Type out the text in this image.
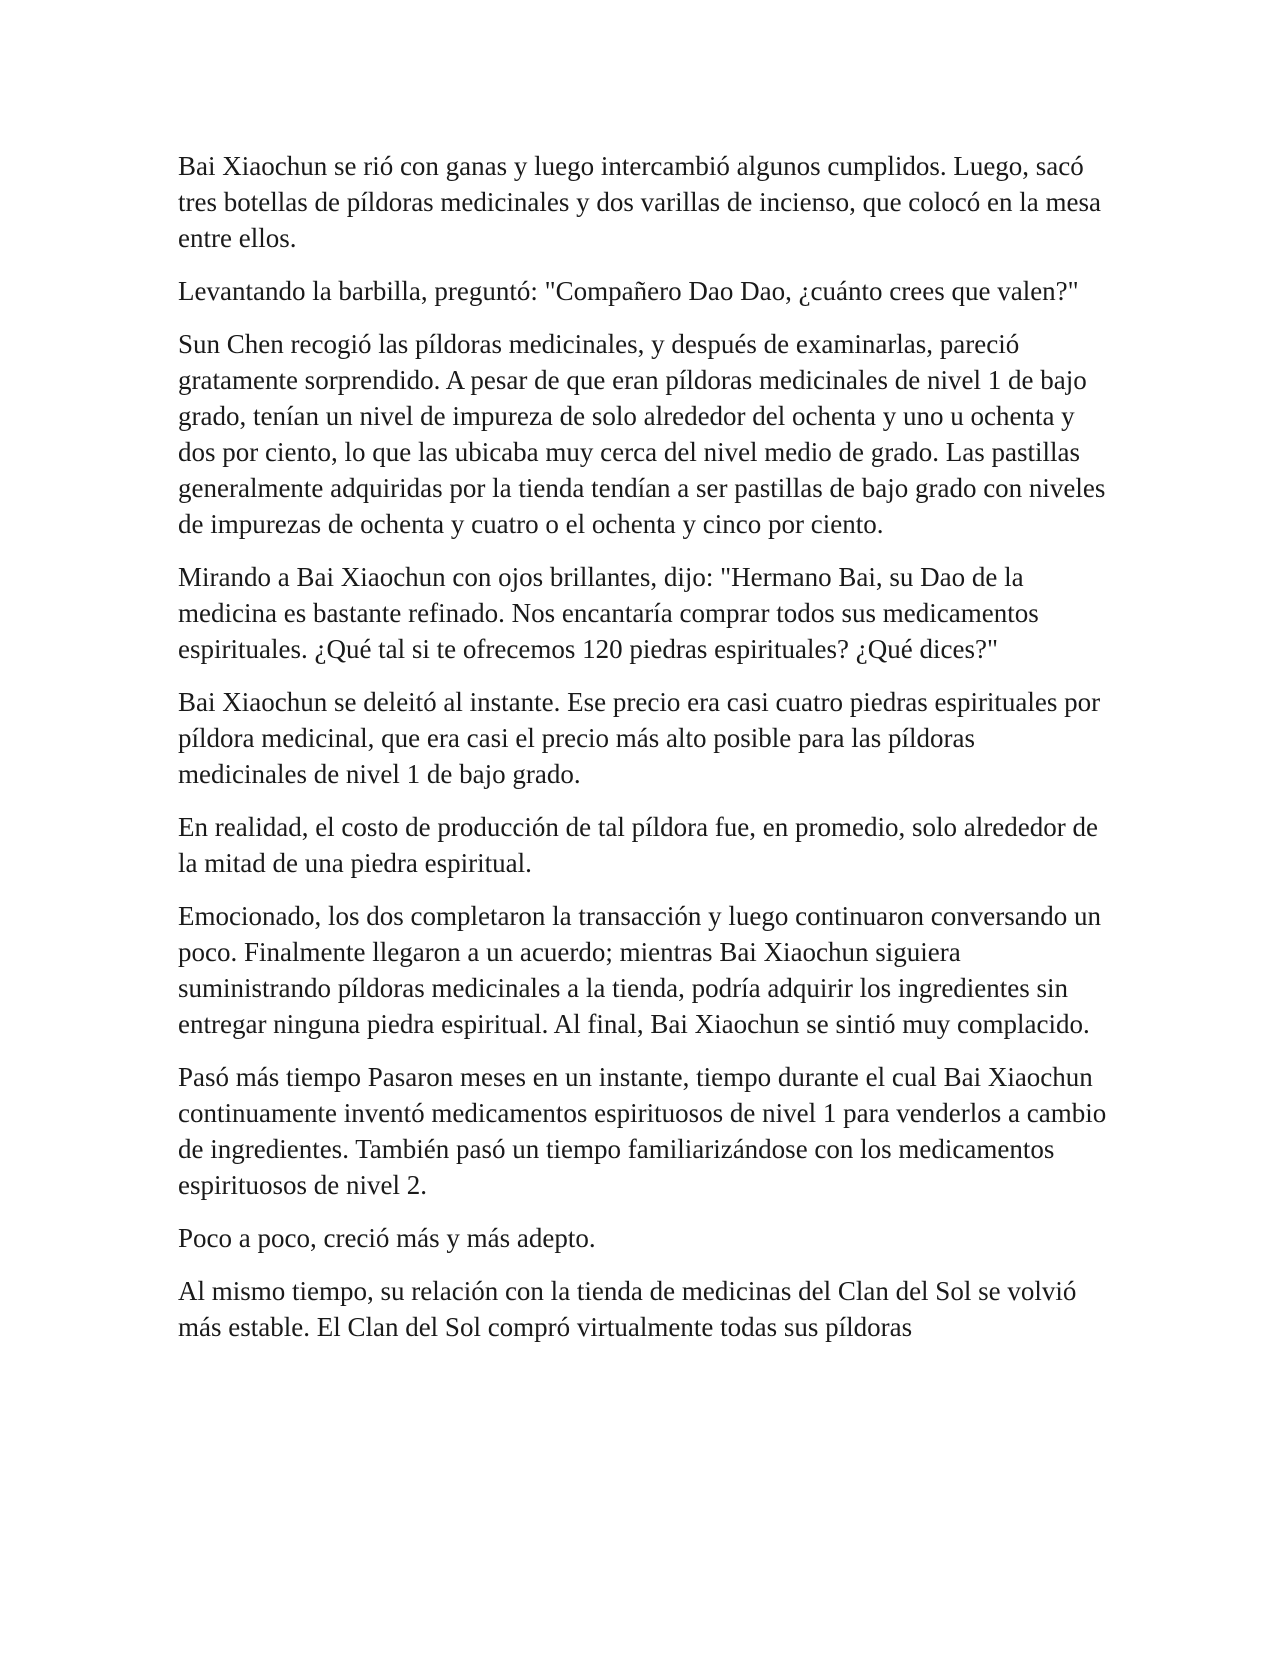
Bai Xiaochun se rió con ganas y luego intercambió algunos cumplidos. Luego, sacó tres botellas de píldoras medicinales y dos varillas de incienso, que colocó en la mesa entre ellos.

Levantando la barbilla, preguntó: "Compañero Dao Dao, ¿cuánto crees que valen?"

Sun Chen recogió las píldoras medicinales, y después de examinarlas, pareció gratamente sorprendido. A pesar de que eran píldoras medicinales de nivel 1 de bajo grado, tenían un nivel de impureza de solo alrededor del ochenta y uno u ochenta y dos por ciento, lo que las ubicaba muy cerca del nivel medio de grado. Las pastillas generalmente adquiridas por la tienda tendían a ser pastillas de bajo grado con niveles de impurezas de ochenta y cuatro o el ochenta y cinco por ciento.

Mirando a Bai Xiaochun con ojos brillantes, dijo: "Hermano Bai, su Dao de la medicina es bastante refinado. Nos encantaría comprar todos sus medicamentos espirituales. ¿Qué tal si te ofrecemos 120 piedras espirituales? ¿Qué dices?"

Bai Xiaochun se deleitó al instante. Ese precio era casi cuatro piedras espirituales por píldora medicinal, que era casi el precio más alto posible para las píldoras medicinales de nivel 1 de bajo grado.

En realidad, el costo de producción de tal píldora fue, en promedio, solo alrededor de la mitad de una piedra espiritual.

Emocionado, los dos completaron la transacción y luego continuaron conversando un poco. Finalmente llegaron a un acuerdo; mientras Bai Xiaochun siguiera suministrando píldoras medicinales a la tienda, podría adquirir los ingredientes sin entregar ninguna piedra espiritual. Al final, Bai Xiaochun se sintió muy complacido.

Pasó más tiempo Pasaron meses en un instante, tiempo durante el cual Bai Xiaochun continuamente inventó medicamentos espirituosos de nivel 1 para venderlos a cambio de ingredientes. También pasó un tiempo familiarizándose con los medicamentos espirituosos de nivel 2.

Poco a poco, creció más y más adepto.

Al mismo tiempo, su relación con la tienda de medicinas del Clan del Sol se volvió más estable. El Clan del Sol compró virtualmente todas sus píldoras
